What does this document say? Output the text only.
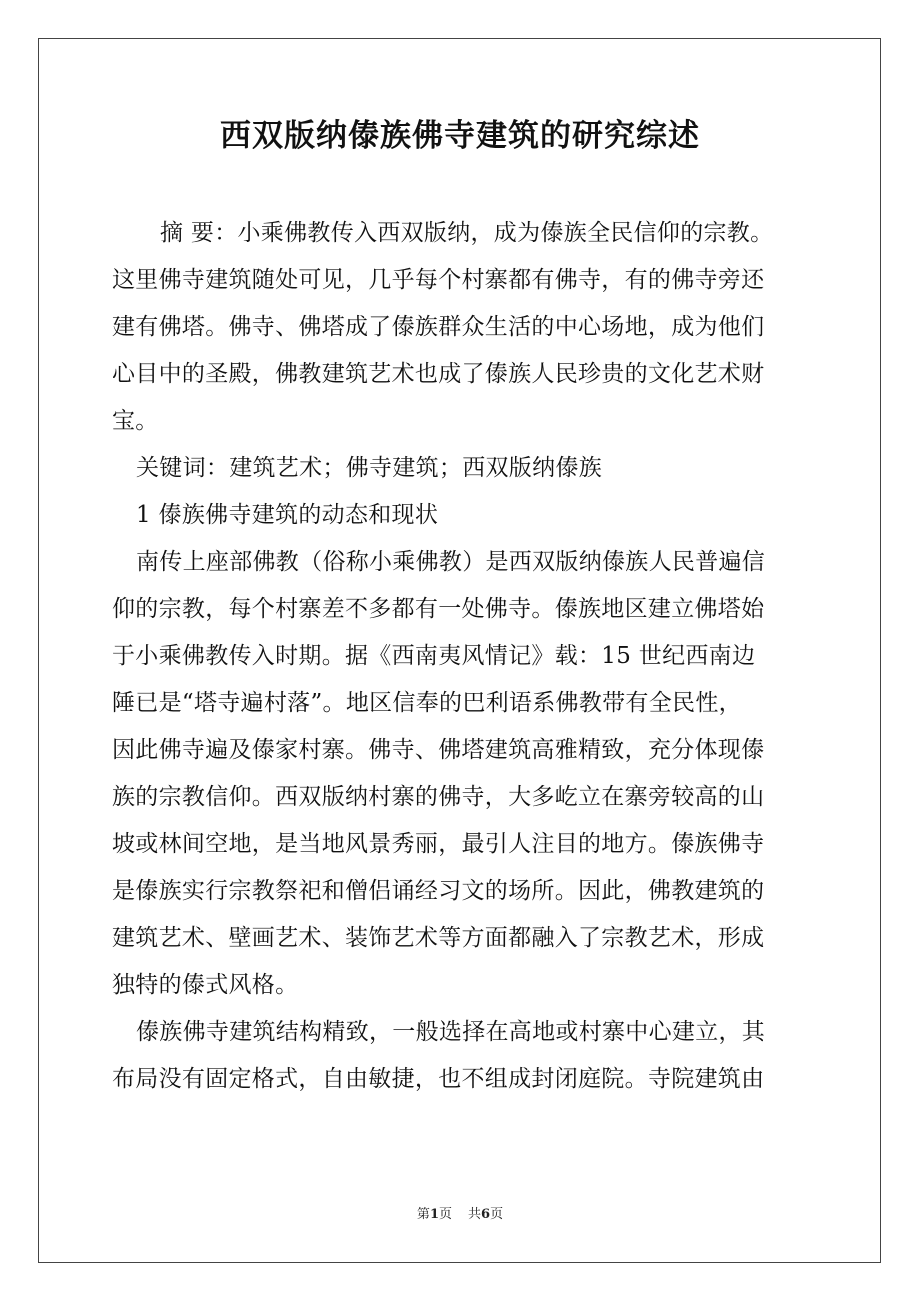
西双版纳傣族佛寺建筑的研究综述
摘 要：小乘佛教传入西双版纳，成为傣族全民信仰的宗教。
这里佛寺建筑随处可见，几乎每个村寨都有佛寺，有的佛寺旁还
建有佛塔。佛寺、佛塔成了傣族群众生活的中心场地，成为他们
心目中的圣殿，佛教建筑艺术也成了傣族人民珍贵的文化艺术财
宝。
关键词：建筑艺术；佛寺建筑；西双版纳傣族
1 傣族佛寺建筑的动态和现状
南传上座部佛教（俗称小乘佛教）是西双版纳傣族人民普遍信
仰的宗教，每个村寨差不多都有一处佛寺。傣族地区建立佛塔始
于小乘佛教传入时期。据《西南夷风情记》载：15 世纪西南边
陲已是“塔寺遍村落”。地区信奉的巴利语系佛教带有全民性，
因此佛寺遍及傣家村寨。佛寺、佛塔建筑高雅精致，充分体现傣
族的宗教信仰。西双版纳村寨的佛寺，大多屹立在寨旁较高的山
坡或林间空地，是当地风景秀丽，最引人注目的地方。傣族佛寺
是傣族实行宗教祭祀和僧侣诵经习文的场所。因此，佛教建筑的
建筑艺术、壁画艺术、装饰艺术等方面都融入了宗教艺术，形成
独特的傣式风格。
傣族佛寺建筑结构精致，一般选择在高地或村寨中心建立，其
布局没有固定格式，自由敏捷，也不组成封闭庭院。寺院建筑由
第1页 共6页
